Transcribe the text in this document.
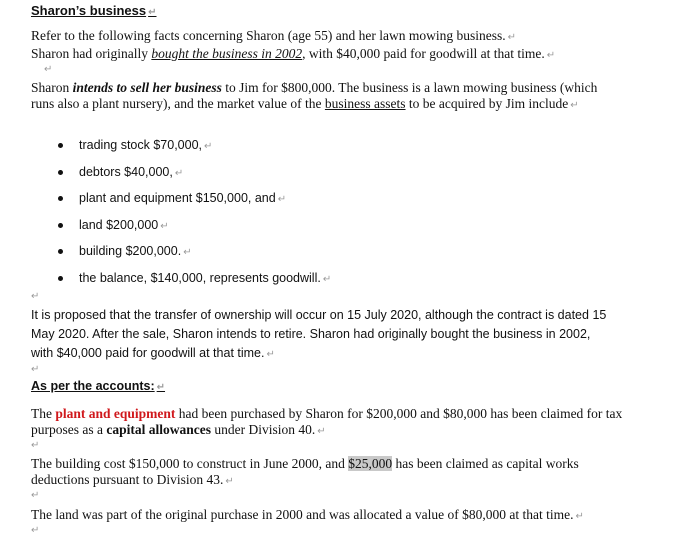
Sharon’s business ↵
Refer to the following facts concerning Sharon (age 55) and her lawn mowing business. ↵
Sharon had originally bought the business in 2002, with $40,000 paid for goodwill at that time. ↵
↵
Sharon intends to sell her business to Jim for $800,000. The business is a lawn mowing business (which runs also a plant nursery), and the market value of the business assets to be acquired by Jim include ↵
trading stock $70,000, ↵
debtors $40,000, ↵
plant and equipment $150,000, and ↵
land $200,000 ↵
building $200,000. ↵
the balance, $140,000, represents goodwill. ↵
↵
It is proposed that the transfer of ownership will occur on 15 July 2020, although the contract is dated 15 May 2020. After the sale, Sharon intends to retire. Sharon had originally bought the business in 2002, with $40,000 paid for goodwill at that time. ↵
↵
As per the accounts: ↵
The plant and equipment had been purchased by Sharon for $200,000 and $80,000 has been claimed for tax purposes as a capital allowances under Division 40. ↵
↵
The building cost $150,000 to construct in June 2000, and $25,000 has been claimed as capital works deductions pursuant to Division 43. ↵
↵
The land was part of the original purchase in 2000 and was allocated a value of $80,000 at that time. ↵
↵
